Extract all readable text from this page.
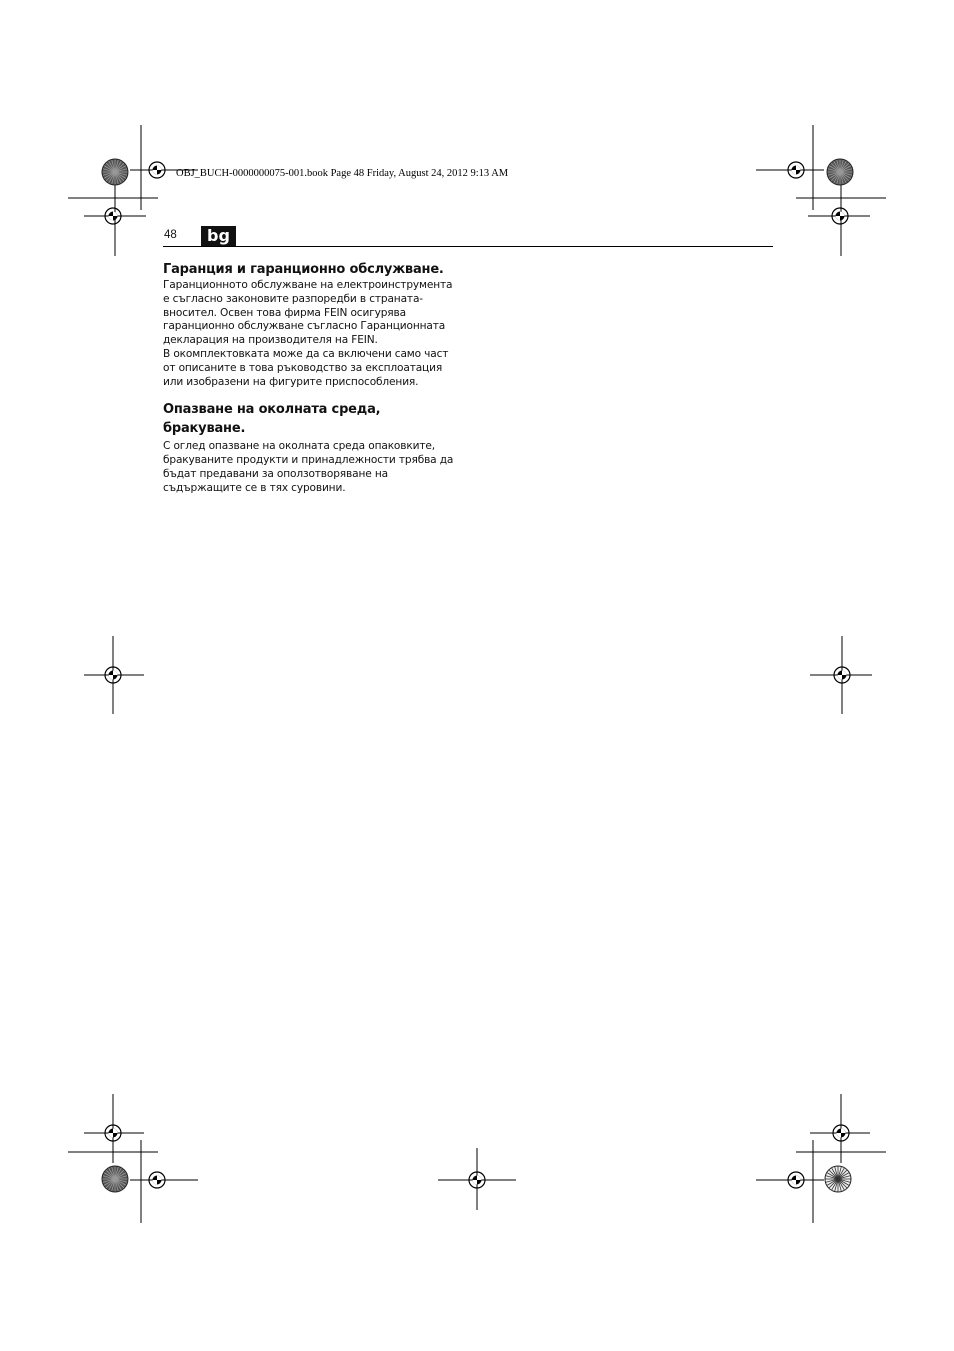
OBJ_BUCH-0000000075-001.book Page 48 Friday, August 24, 2012 9:13 AM
48	bg
Гаранция и гаранционно обслужване.

Гаранционното обслужване на електроинструмента
е съгласно законовите разпоредби в страната-
вносител. Освен това фирма FEIN осигурява
гаранционно обслужване съгласно Гаранционната
декларация на производителя на FEIN.

В окомплектовката може да са включени само част
от описаните в това ръководство за експлоатация
или изобразени на фигурите приспособления.

Опазване на околната среда,
бракуване.

С оглед опазване на околната среда опаковките,
бракуваните продукти и принадлежности трябва да
бъдат предавани за оползотворяване на
съдържащите се в тях суровини.
